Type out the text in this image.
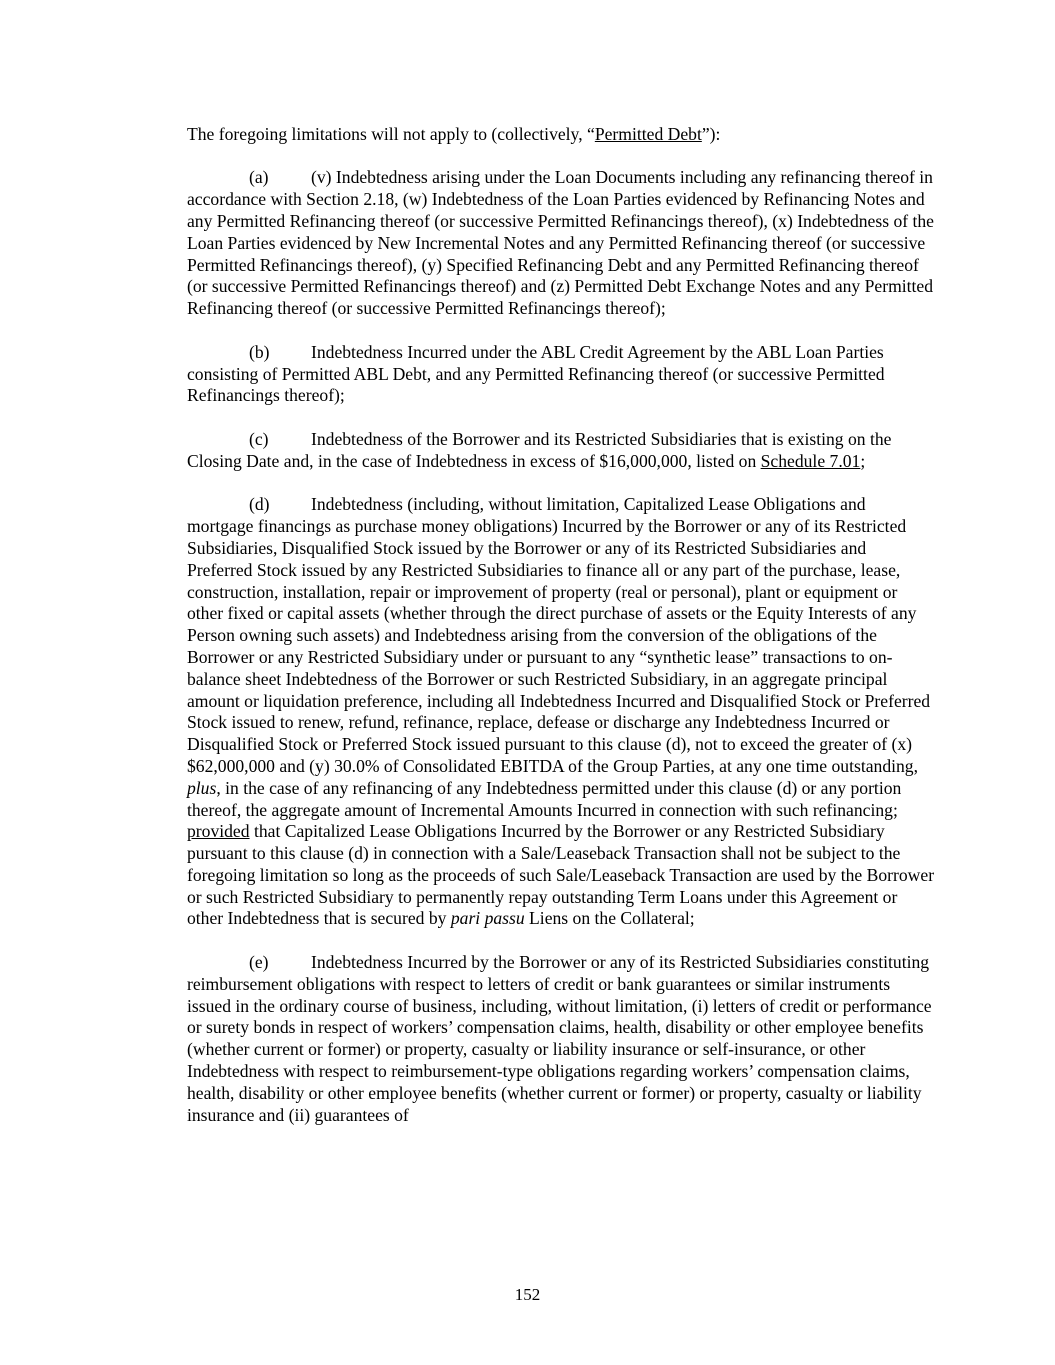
The foregoing limitations will not apply to (collectively, “Permitted Debt”):

(a) (v) Indebtedness arising under the Loan Documents including any refinancing thereof in accordance with Section 2.18, (w) Indebtedness of the Loan Parties evidenced by Refinancing Notes and any Permitted Refinancing thereof (or successive Permitted Refinancings thereof), (x) Indebtedness of the Loan Parties evidenced by New Incremental Notes and any Permitted Refinancing thereof (or successive Permitted Refinancings thereof), (y) Specified Refinancing Debt and any Permitted Refinancing thereof (or successive Permitted Refinancings thereof) and (z) Permitted Debt Exchange Notes and any Permitted Refinancing thereof (or successive Permitted Refinancings thereof);

(b) Indebtedness Incurred under the ABL Credit Agreement by the ABL Loan Parties consisting of Permitted ABL Debt, and any Permitted Refinancing thereof (or successive Permitted Refinancings thereof);

(c) Indebtedness of the Borrower and its Restricted Subsidiaries that is existing on the Closing Date and, in the case of Indebtedness in excess of $16,000,000, listed on Schedule 7.01;

(d) Indebtedness (including, without limitation, Capitalized Lease Obligations and mortgage financings as purchase money obligations) Incurred by the Borrower or any of its Restricted Subsidiaries, Disqualified Stock issued by the Borrower or any of its Restricted Subsidiaries and Preferred Stock issued by any Restricted Subsidiaries to finance all or any part of the purchase, lease, construction, installation, repair or improvement of property (real or personal), plant or equipment or other fixed or capital assets (whether through the direct purchase of assets or the Equity Interests of any Person owning such assets) and Indebtedness arising from the conversion of the obligations of the Borrower or any Restricted Subsidiary under or pursuant to any “synthetic lease” transactions to on-balance sheet Indebtedness of the Borrower or such Restricted Subsidiary, in an aggregate principal amount or liquidation preference, including all Indebtedness Incurred and Disqualified Stock or Preferred Stock issued to renew, refund, refinance, replace, defease or discharge any Indebtedness Incurred or Disqualified Stock or Preferred Stock issued pursuant to this clause (d), not to exceed the greater of (x) $62,000,000 and (y) 30.0% of Consolidated EBITDA of the Group Parties, at any one time outstanding, plus, in the case of any refinancing of any Indebtedness permitted under this clause (d) or any portion thereof, the aggregate amount of Incremental Amounts Incurred in connection with such refinancing; provided that Capitalized Lease Obligations Incurred by the Borrower or any Restricted Subsidiary pursuant to this clause (d) in connection with a Sale/Leaseback Transaction shall not be subject to the foregoing limitation so long as the proceeds of such Sale/Leaseback Transaction are used by the Borrower or such Restricted Subsidiary to permanently repay outstanding Term Loans under this Agreement or other Indebtedness that is secured by pari passu Liens on the Collateral;

(e) Indebtedness Incurred by the Borrower or any of its Restricted Subsidiaries constituting reimbursement obligations with respect to letters of credit or bank guarantees or similar instruments issued in the ordinary course of business, including, without limitation, (i) letters of credit or performance or surety bonds in respect of workers’ compensation claims, health, disability or other employee benefits (whether current or former) or property, casualty or liability insurance or self-insurance, or other Indebtedness with respect to reimbursement-type obligations regarding workers’ compensation claims, health, disability or other employee benefits (whether current or former) or property, casualty or liability insurance and (ii) guarantees of

152
